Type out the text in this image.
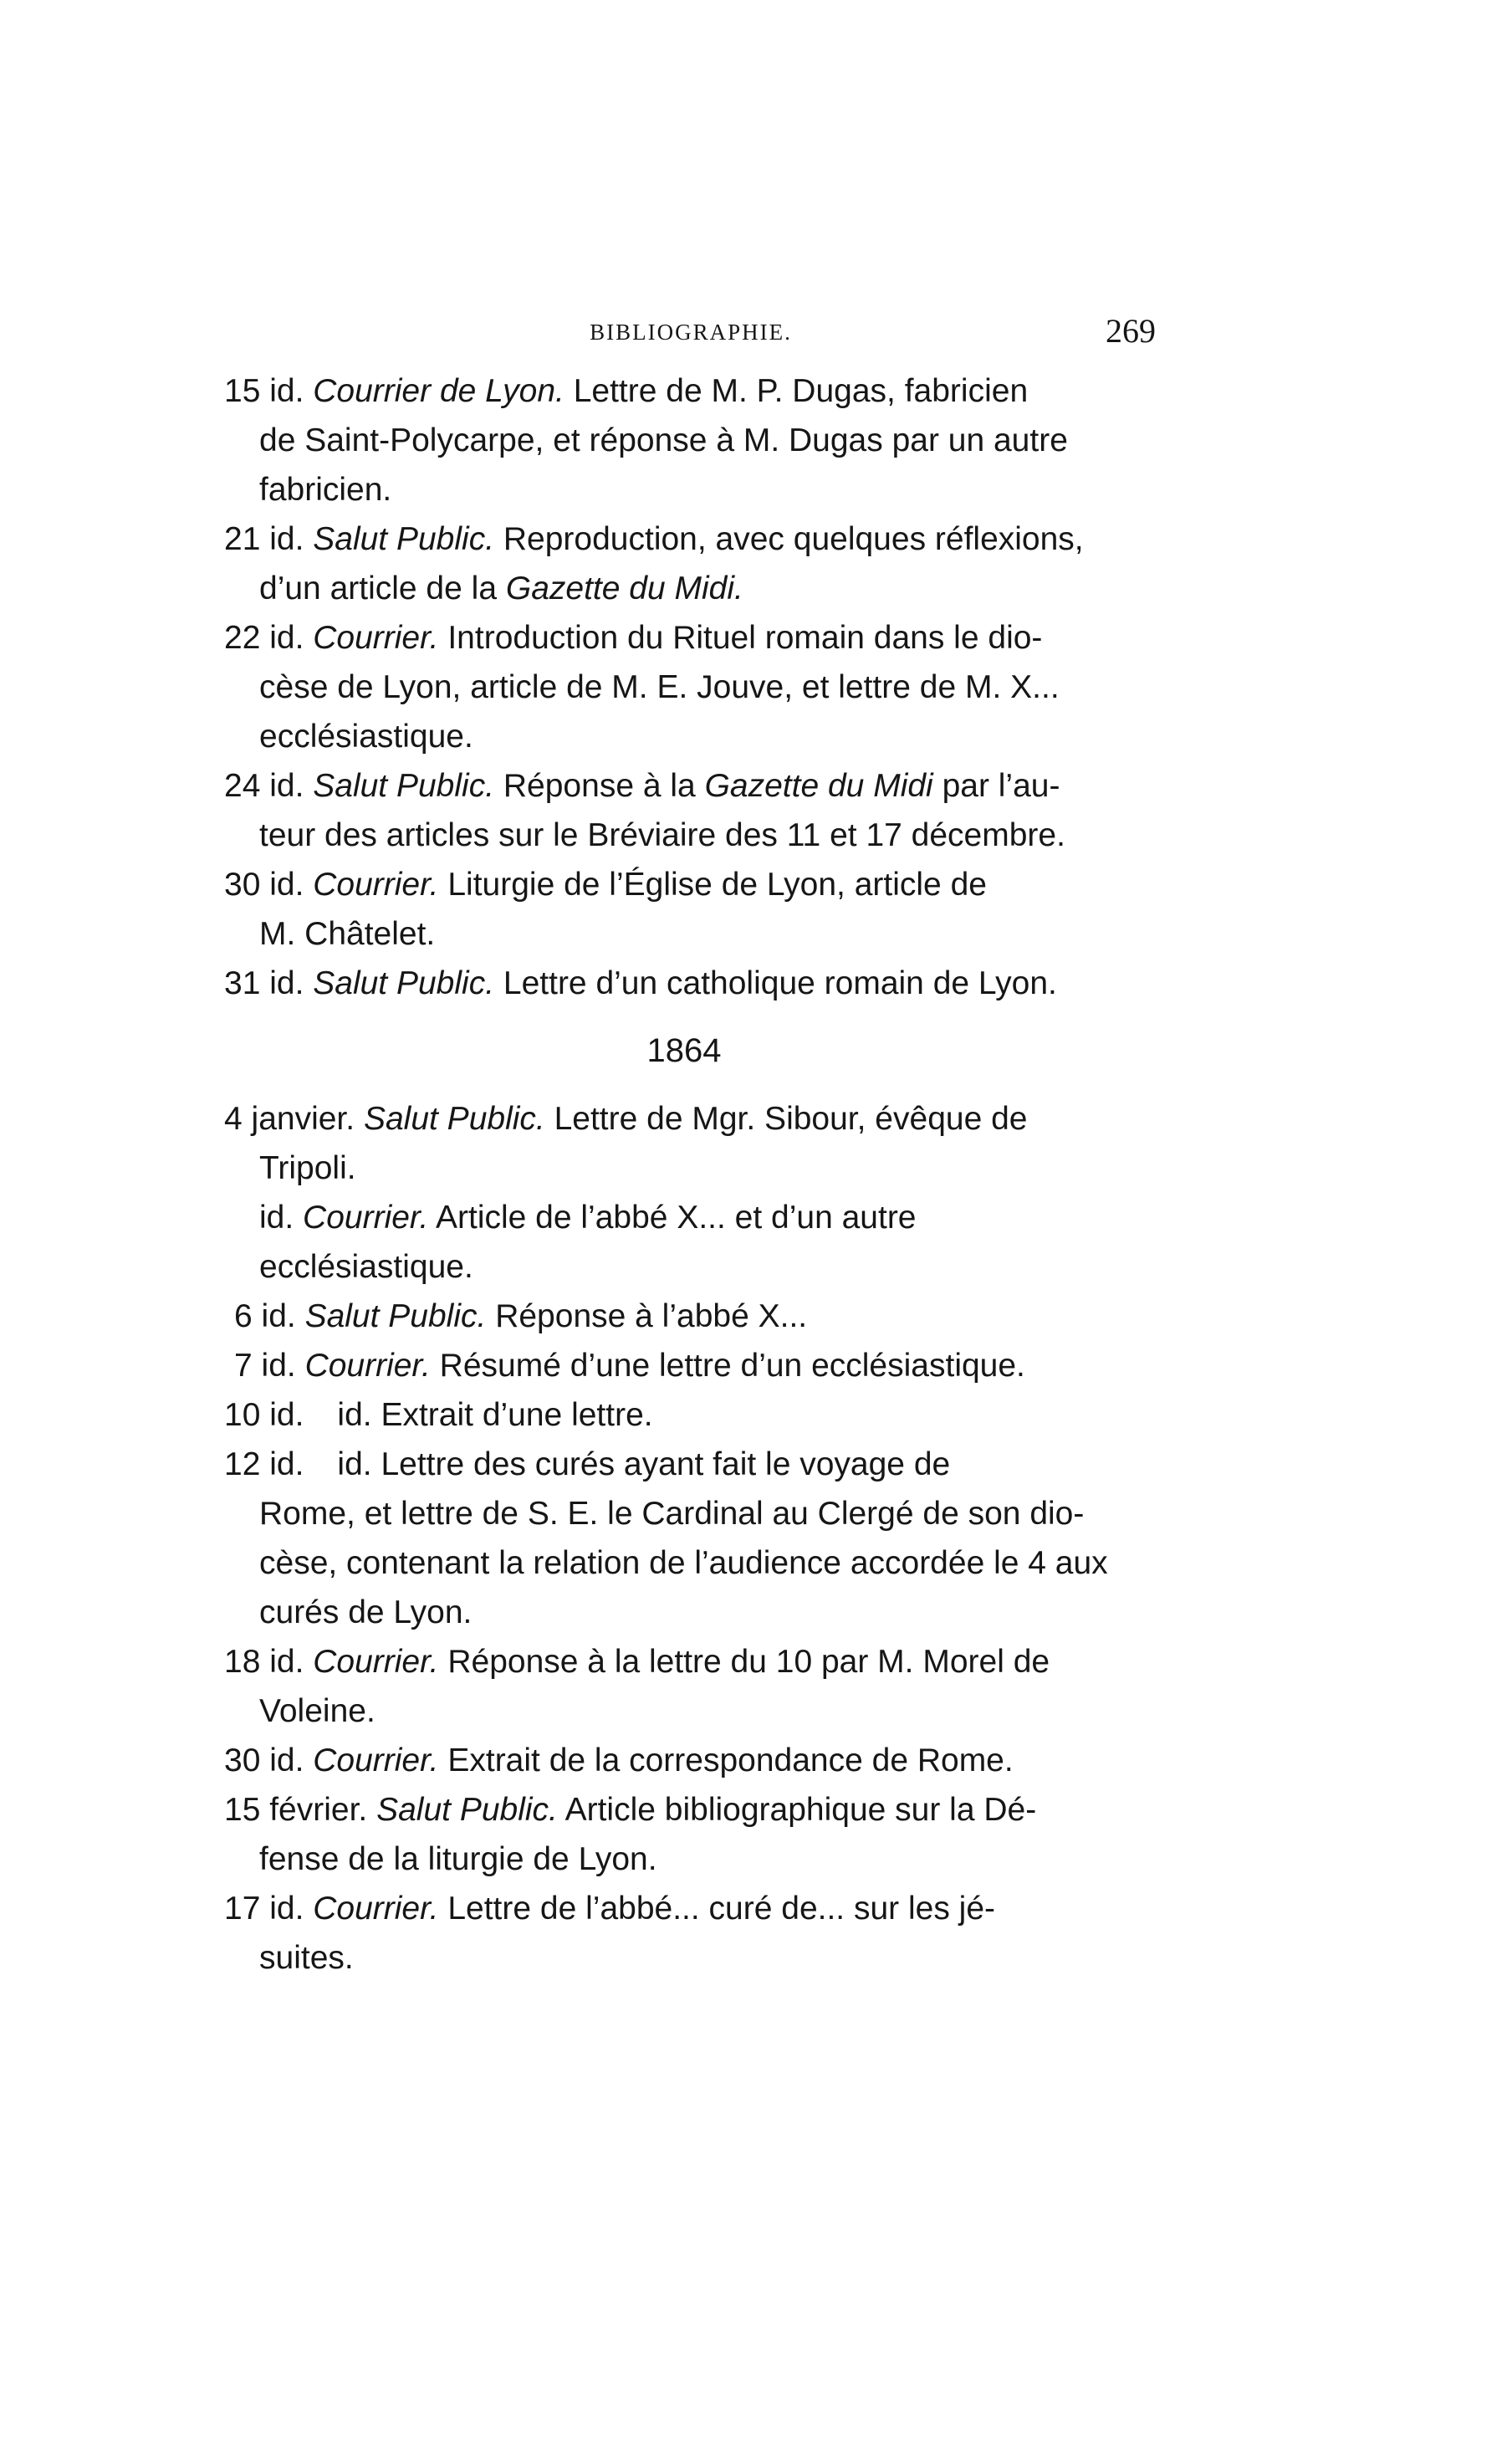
BIBLIOGRAPHIE.	269
15 id. Courrier de Lyon. Lettre de M. P. Dugas, fabricien
de Saint-Polycarpe, et réponse à M. Dugas par un autre
fabricien.
21 id. Salut Public. Reproduction, avec quelques réflexions,
d’un article de la Gazette du Midi.
22 id. Courrier. Introduction du Rituel romain dans le dio-
cèse de Lyon, article de M. E. Jouve, et lettre de M. X...
ecclésiastique.
24 id. Salut Public. Réponse à la Gazette du Midi par l’au-
teur des articles sur le Bréviaire des 11 et 17 décembre.
30 id. Courrier. Liturgie de l’Église de Lyon, article de
M. Châtelet.
31 id. Salut Public. Lettre d’un catholique romain de Lyon.
1864
4 janvier. Salut Public. Lettre de Mgr. Sibour, évêque de
Tripoli.
id. Courrier. Article de l’abbé X... et d’un autre
ecclésiastique.
6 id. Salut Public. Réponse à l’abbé X...
7 id. Courrier. Résumé d’une lettre d’un ecclésiastique.
10 id. id. Extrait d’une lettre.
12 id. id. Lettre des curés ayant fait le voyage de
Rome, et lettre de S. E. le Cardinal au Clergé de son dio-
cèse, contenant la relation de l’audience accordée le 4 aux
curés de Lyon.
18 id. Courrier. Réponse à la lettre du 10 par M. Morel de
Voleine.
30 id. Courrier. Extrait de la correspondance de Rome.
15 février. Salut Public. Article bibliographique sur la Dé-
fense de la liturgie de Lyon.
17 id. Courrier. Lettre de l’abbé... curé de... sur les jé-
suites.
